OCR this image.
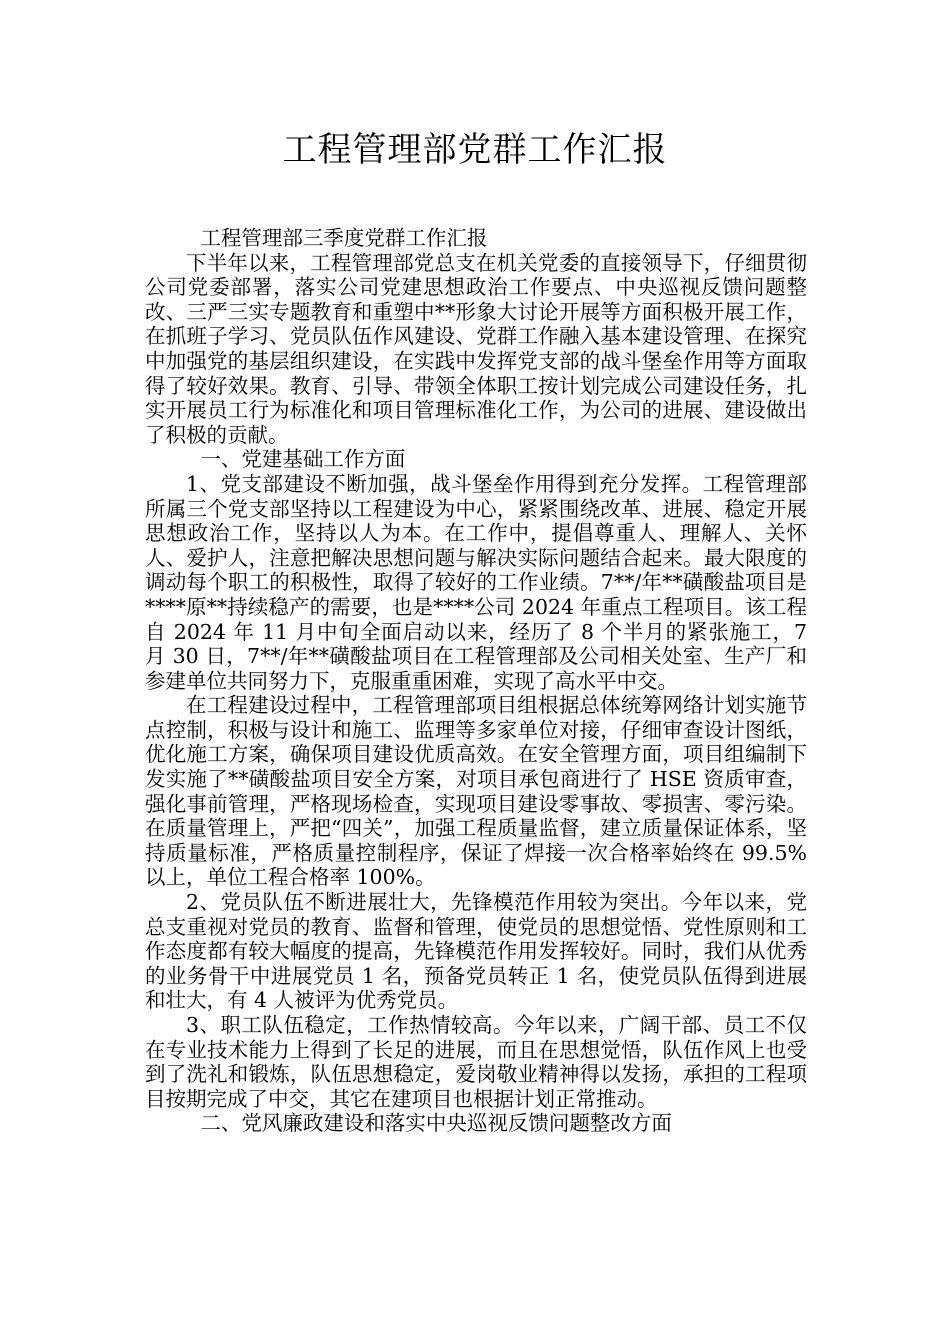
工程管理部党群工作汇报

工程管理部三季度党群工作汇报

下半年以来，工程管理部党总支在机关党委的直接领导下，仔细贯彻公司党委部署，落实公司党建思想政治工作要点、中央巡视反馈问题整改、三严三实专题教育和重塑中**形象大讨论开展等方面积极开展工作，在抓班子学习、党员队伍作风建设、党群工作融入基本建设管理、在探究中加强党的基层组织建设，在实践中发挥党支部的战斗堡垒作用等方面取得了较好效果。教育、引导、带领全体职工按计划完成公司建设任务，扎实开展员工行为标准化和项目管理标准化工作，为公司的进展、建设做出了积极的贡献。

一、党建基础工作方面

1、党支部建设不断加强，战斗堡垒作用得到充分发挥。工程管理部所属三个党支部坚持以工程建设为中心，紧紧围绕改革、进展、稳定开展思想政治工作，坚持以人为本。在工作中，提倡尊重人、理解人、关怀人、爱护人，注意把解决思想问题与解决实际问题结合起来。最大限度的调动每个职工的积极性，取得了较好的工作业绩。7**/年**磺酸盐项目是****原**持续稳产的需要，也是****公司 2024 年重点工程项目。该工程自 2024 年 11 月中旬全面启动以来，经历了 8 个半月的紧张施工，7 月 30 日，7**/年**磺酸盐项目在工程管理部及公司相关处室、生产厂和参建单位共同努力下，克服重重困难，实现了高水平中交。

在工程建设过程中，工程管理部项目组根据总体统筹网络计划实施节点控制，积极与设计和施工、监理等多家单位对接，仔细审查设计图纸，优化施工方案，确保项目建设优质高效。在安全管理方面，项目组编制下发实施了**磺酸盐项目安全方案，对项目承包商进行了 HSE 资质审查，强化事前管理，严格现场检查，实现项目建设零事故、零损害、零污染。在质量管理上，严把“四关”，加强工程质量监督，建立质量保证体系，坚持质量标准，严格质量控制程序，保证了焊接一次合格率始终在 99.5%以上，单位工程合格率 100%。

2、党员队伍不断进展壮大，先锋模范作用较为突出。今年以来，党总支重视对党员的教育、监督和管理，使党员的思想觉悟、党性原则和工作态度都有较大幅度的提高，先锋模范作用发挥较好。同时，我们从优秀的业务骨干中进展党员 1 名，预备党员转正 1 名，使党员队伍得到进展和壮大，有 4 人被评为优秀党员。

3、职工队伍稳定，工作热情较高。今年以来，广阔干部、员工不仅在专业技术能力上得到了长足的进展，而且在思想觉悟，队伍作风上也受到了洗礼和锻炼，队伍思想稳定，爱岗敬业精神得以发扬，承担的工程项目按期完成了中交，其它在建项目也根据计划正常推动。

二、党风廉政建设和落实中央巡视反馈问题整改方面
